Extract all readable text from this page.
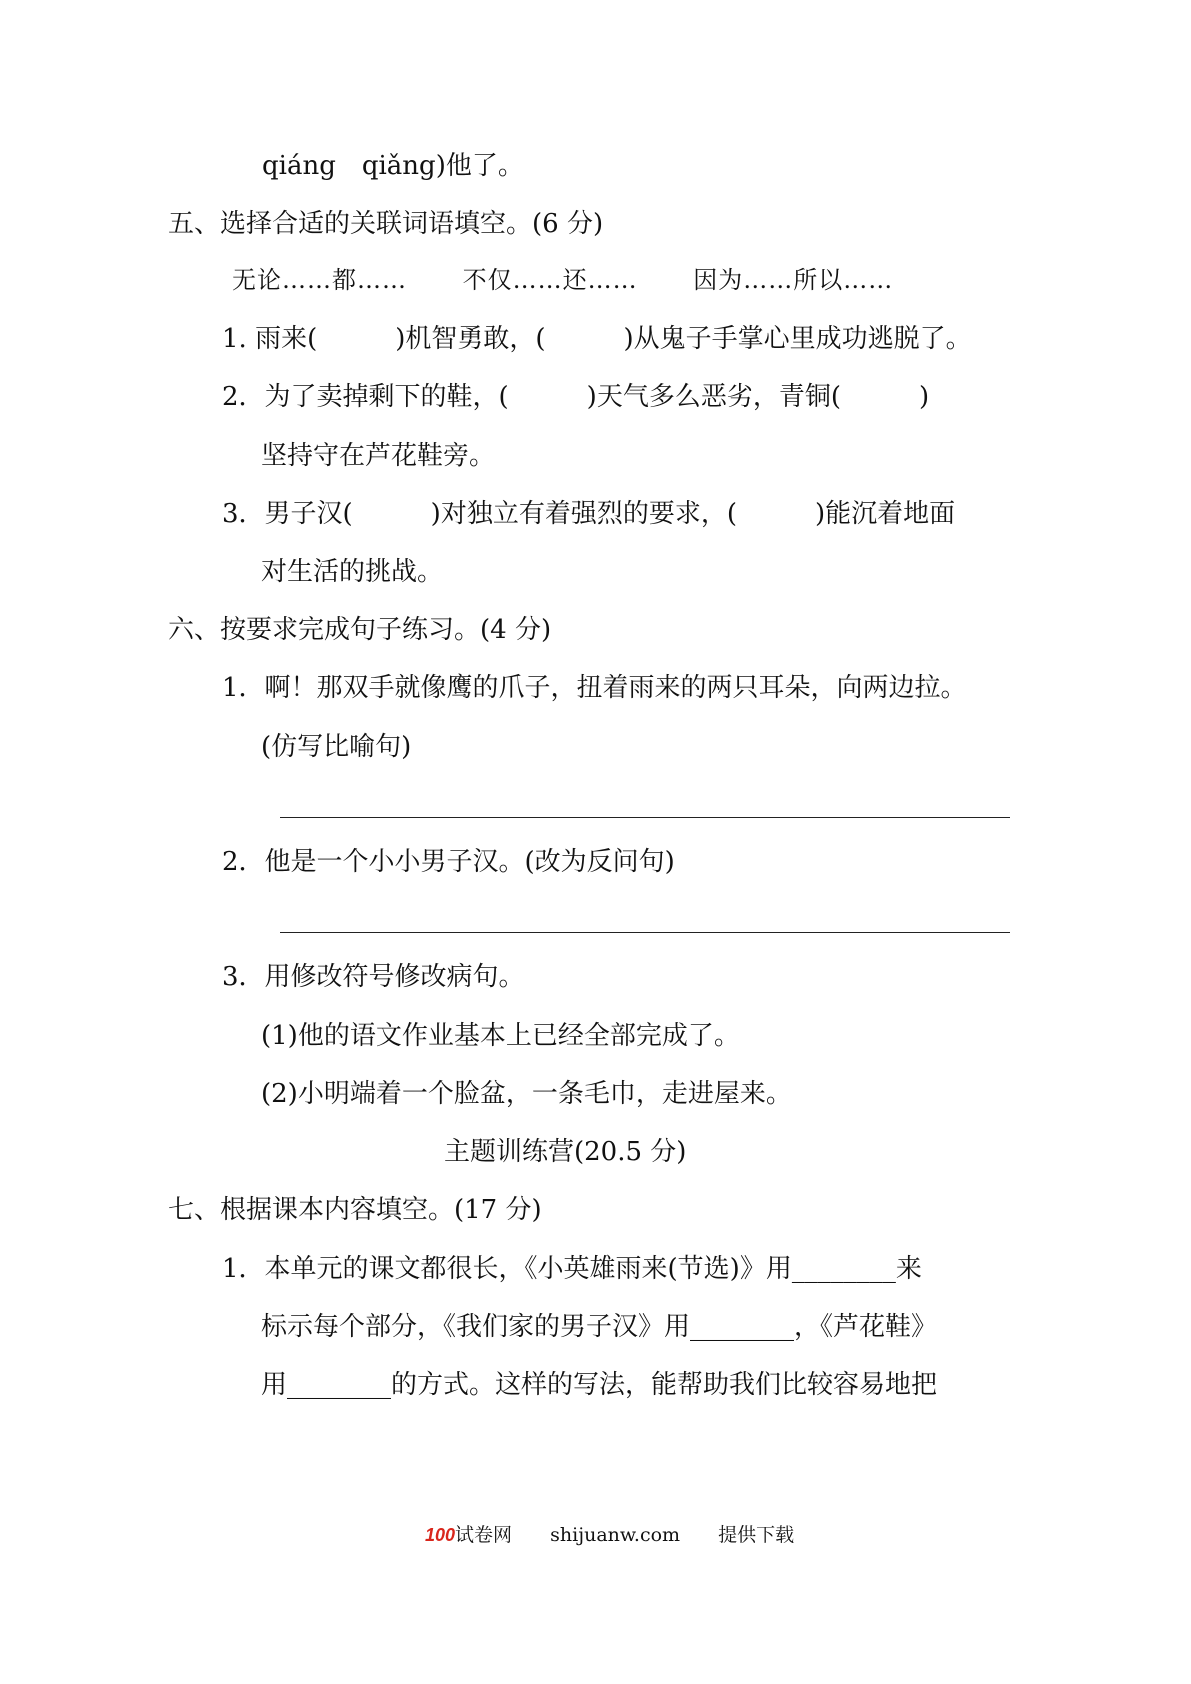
qiáng　qiǎng)他了。
五、选择合适的关联词语填空。(6 分)
无论……都…… 不仅……还…… 因为……所以……
1. 雨来(　　　)机智勇敢，(　　　)从鬼子手掌心里成功逃脱了。
2．为了卖掉剩下的鞋，(　　　)天气多么恶劣，青铜(　　　)
坚持守在芦花鞋旁。
3．男子汉(　　　)对独立有着强烈的要求，(　　　)能沉着地面
对生活的挑战。
六、按要求完成句子练习。(4 分)
1．啊！那双手就像鹰的爪子，扭着雨来的两只耳朵，向两边拉。
(仿写比喻句)
2．他是一个小小男子汉。(改为反问句)
3．用修改符号修改病句。
(1)他的语文作业基本上已经全部完成了。
(2)小明端着一个脸盆，一条毛巾，走进屋来。
主题训练营(20.5 分)
七、根据课本内容填空。(17 分)
1．本单元的课文都很长，《小英雄雨来(节选)》用________来
标示每个部分，《我们家的男子汉》用________，《芦花鞋》
用________的方式。这样的写法，能帮助我们比较容易地把
100试卷网 shijuanw.com 提供下载
